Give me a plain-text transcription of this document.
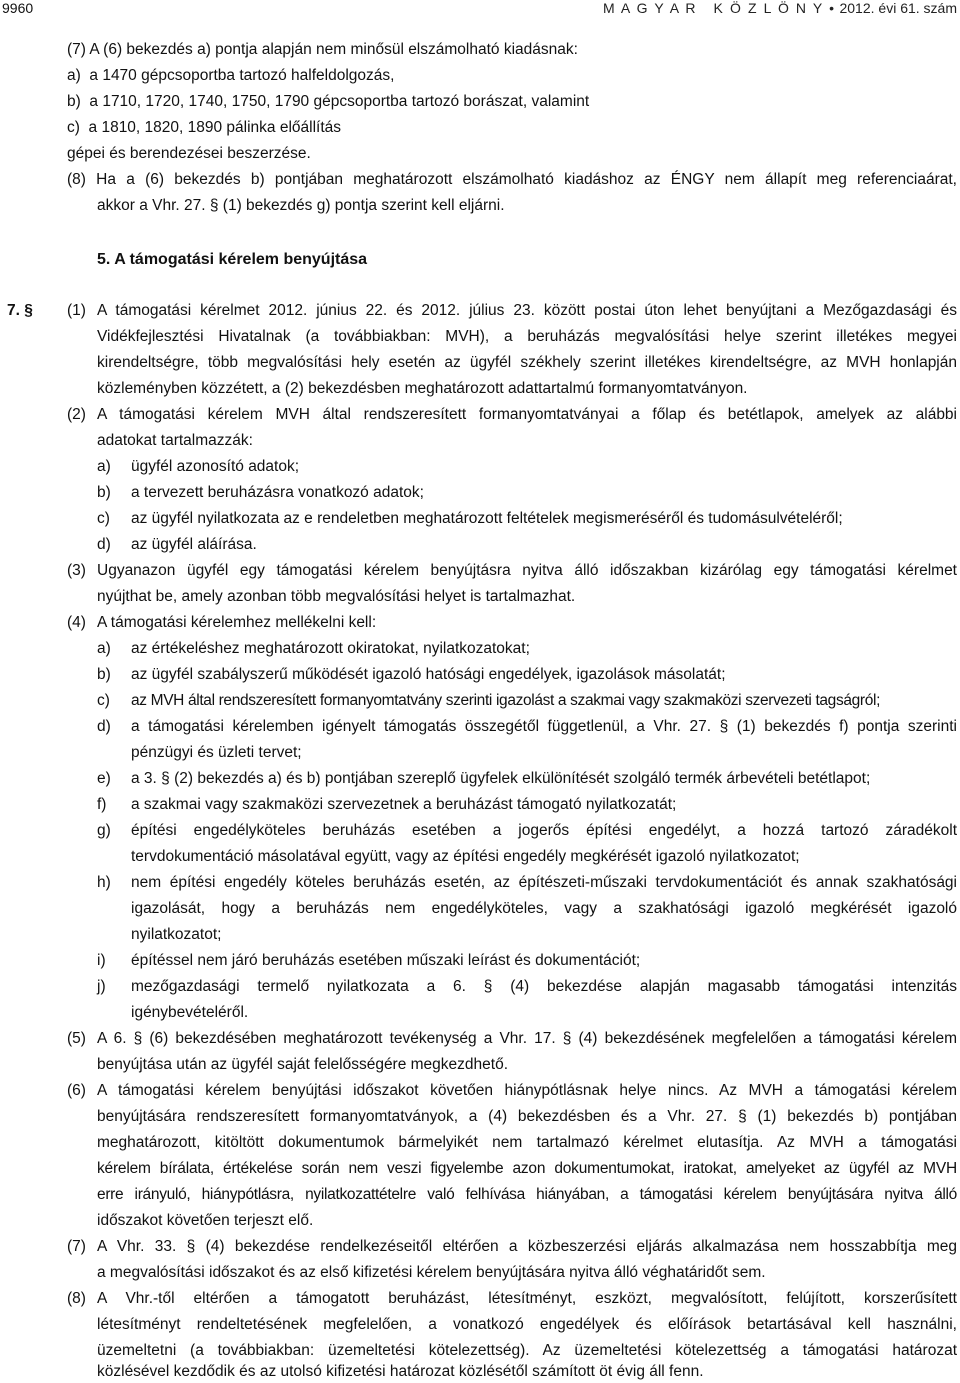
9960	M A G Y A R   K Ö Z L Ö N Y • 2012. évi 61. szám
(7) A (6) bekezdés a) pontja alapján nem minősül elszámolható kiadásnak:
a)  a 1470 gépcsoportba tartozó halfeldolgozás,
b)  a 1710, 1720, 1740, 1750, 1790 gépcsoportba tartozó borászat, valamint
c)  a 1810, 1820, 1890 pálinka előállítás
gépei és berendezései beszerzése.
(8) Ha a (6) bekezdés b) pontjában meghatározott elszámolható kiadáshoz az ÉNGY nem állapít meg referenciaárat,
akkor a Vhr. 27. § (1) bekezdés g) pontja szerint kell eljárni.
5. A támogatási kérelem benyújtása
7. § (1) A támogatási kérelmet 2012. június 22. és 2012. július 23. között postai úton lehet benyújtani a Mezőgazdasági és
Vidékfejlesztési Hivatalnak (a továbbiakban: MVH), a beruházás megvalósítási helye szerint illetékes megyei
kirendeltségre, több megvalósítási hely esetén az ügyfél székhely szerint illetékes kirendeltségre, az MVH honlapján
közleményben közzétett, a (2) bekezdésben meghatározott adattartalmú formanyomtatványon.
(2) A támogatási kérelem MVH által rendszeresített formanyomtatványai a főlap és betétlapok, amelyek az alábbi
adatokat tartalmazzák:
a) ügyfél azonosító adatok;
b) a tervezett beruházásra vonatkozó adatok;
c) az ügyfél nyilatkozata az e rendeletben meghatározott feltételek megismeréséről és tudomásulvételéről;
d) az ügyfél aláírása.
(3) Ugyanazon ügyfél egy támogatási kérelem benyújtásra nyitva álló időszakban kizárólag egy támogatási kérelmet
nyújthat be, amely azonban több megvalósítási helyet is tartalmazhat.
(4) A támogatási kérelemhez mellékelni kell:
a) az értékeléshez meghatározott okiratokat, nyilatkozatokat;
b) az ügyfél szabályszerű működését igazoló hatósági engedélyek, igazolások másolatát;
c) az MVH által rendszeresített formanyomtatvány szerinti igazolást a szakmai vagy szakmaközi szervezeti tagságról;
d) a támogatási kérelemben igényelt támogatás összegétől függetlenül, a Vhr. 27. § (1) bekezdés f) pontja szerinti
pénzügyi és üzleti tervet;
e) a 3. § (2) bekezdés a) és b) pontjában szereplő ügyfelek elkülönítését szolgáló termék árbevételi betétlapot;
f) a szakmai vagy szakmaközi szervezetnek a beruházást támogató nyilatkozatát;
g) építési engedélyköteles beruházás esetében a jogerős építési engedélyt, a hozzá tartozó záradékolt
tervdokumentáció másolatával együtt, vagy az építési engedély megkérését igazoló nyilatkozatot;
h) nem építési engedély köteles beruházás esetén, az építészeti-műszaki tervdokumentációt és annak szakhatósági
igazolását, hogy a beruházás nem engedélyköteles, vagy a szakhatósági igazoló megkérését igazoló
nyilatkozatot;
i) építéssel nem járó beruházás esetében műszaki leírást és dokumentációt;
j) mezőgazdasági termelő nyilatkozata a 6. § (4) bekezdése alapján magasabb támogatási intenzitás
igénybevételéről.
(5) A 6. § (6) bekezdésében meghatározott tevékenység a Vhr. 17. § (4) bekezdésének megfelelően a támogatási kérelem
benyújtása után az ügyfél saját felelősségére megkezdhető.
(6) A támogatási kérelem benyújtási időszakot követően hiánypótlásnak helye nincs. Az MVH a támogatási kérelem
benyújtására rendszeresített formanyomtatványok, a (4) bekezdésben és a Vhr. 27. § (1) bekezdés b) pontjában
meghatározott, kitöltött dokumentumok bármelyikét nem tartalmazó kérelmet elutasítja. Az MVH a támogatási
kérelem bírálata, értékelése során nem veszi figyelembe azon dokumentumokat, iratokat, amelyeket az ügyfél az MVH
erre irányuló, hiánypótlásra, nyilatkozattételre való felhívása hiányában, a támogatási kérelem benyújtására nyitva álló
időszakot követően terjeszt elő.
(7) A Vhr. 33. § (4) bekezdése rendelkezéseitől eltérően a közbeszerzési eljárás alkalmazása nem hosszabbítja meg
a megvalósítási időszakot és az első kifizetési kérelem benyújtására nyitva álló véghatáridőt sem.
(8) A Vhr.-től eltérően a támogatott beruházást, létesítményt, eszközt, megvalósított, felújított, korszerűsített
létesítményt rendeltetésének megfelelően, a vonatkozó engedélyek és előírások betartásával kell használni,
üzemeltetni (a továbbiakban: üzemeltetési kötelezettség). Az üzemeltetési kötelezettség a támogatási határozat
közlésével kezdődik és az utolsó kifizetési határozat közlésétől számított öt évig áll fenn.
